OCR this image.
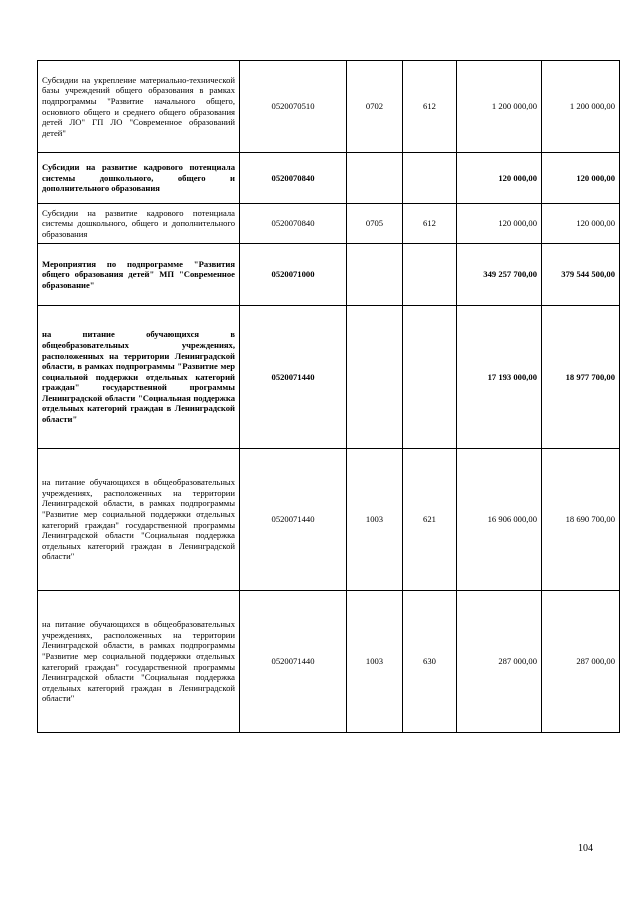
Субсидии на укрепление материально-технической базы учреждений общего образования в рамках подпрограммы "Развитие начального общего, основного общего и среднего общего образования детей ЛО" ГП ЛО "Современное образований детей"	0520070510	0702	612	1 200 000,00	1 200 000,00
Субсидии на развитие кадрового потенциала системы дошкольного, общего и дополнительного образования	0520070840			120 000,00	120 000,00
Субсидии на развитие кадрового потенциала системы дошкольного, общего и дополнительного образования	0520070840	0705	612	120 000,00	120 000,00
Мероприятия по подпрограмме "Развития общего образования детей" МП "Современное образование"	0520071000			349 257 700,00	379 544 500,00
на питание обучающихся в общеобразовательных учреждениях, расположенных на территории Ленинградской области, в рамках подпрограммы "Развитие мер социальной поддержки отдельных категорий граждан" государственной программы Ленинградской области "Социальная поддержка отдельных категорий граждан в Ленинградской области"	0520071440			17 193 000,00	18 977 700,00
на питание обучающихся в общеобразовательных учреждениях, расположенных на территории Ленинградской области, в рамках подпрограммы "Развитие мер социальной поддержки отдельных категорий граждан" государственной программы Ленинградской области "Социальная поддержка отдельных категорий граждан в Ленинградской области"	0520071440	1003	621	16 906 000,00	18 690 700,00
на питание обучающихся в общеобразовательных учреждениях, расположенных на территории Ленинградской области, в рамках подпрограммы "Развитие мер социальной поддержки отдельных категорий граждан" государственной программы Ленинградской области "Социальная поддержка отдельных категорий граждан в Ленинградской области"	0520071440	1003	630	287 000,00	287 000,00
104
